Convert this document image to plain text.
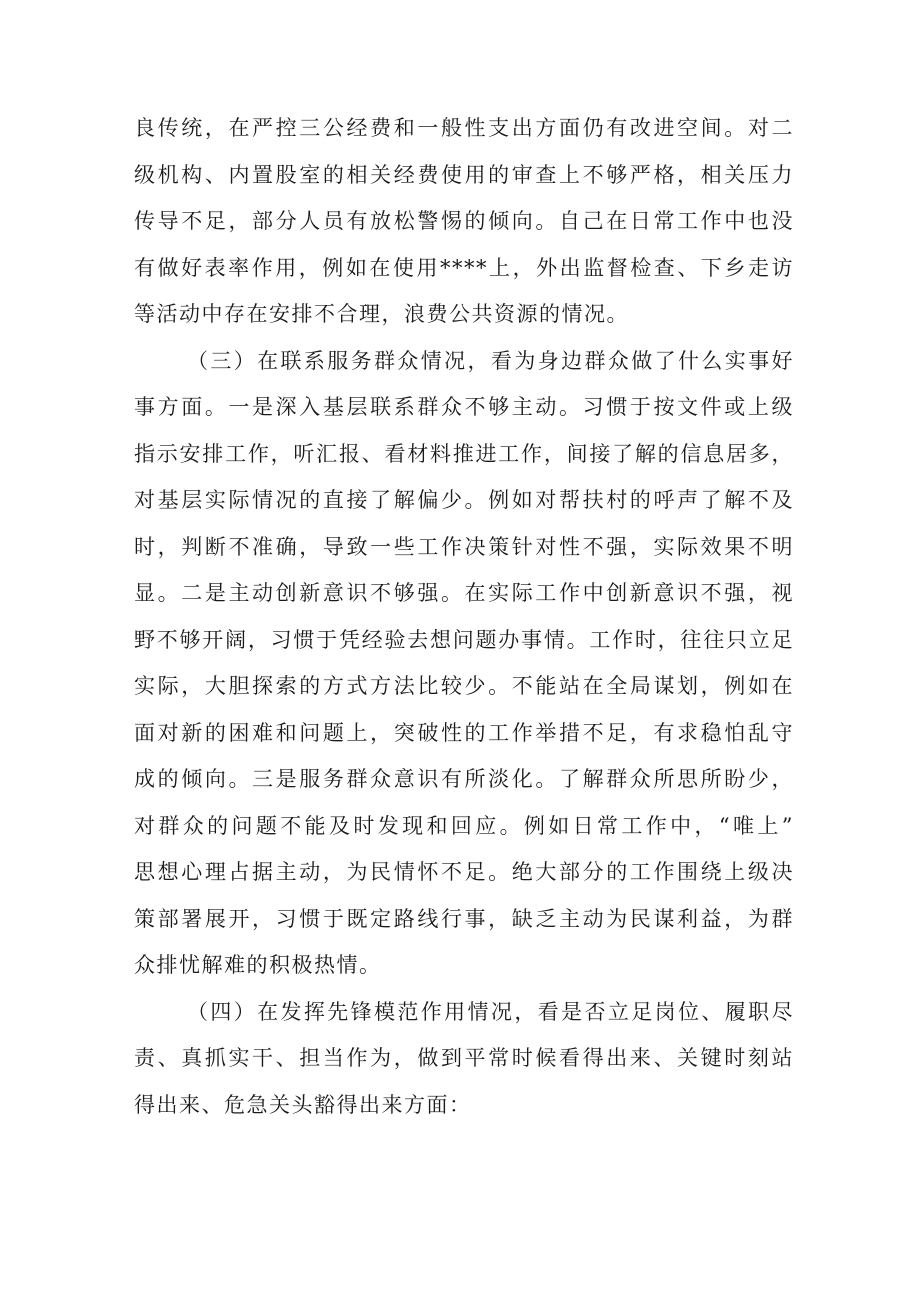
良传统，在严控三公经费和一般性支出方面仍有改进空间。对二
级机构、内置股室的相关经费使用的审查上不够严格，相关压力
传导不足，部分人员有放松警惕的倾向。自己在日常工作中也没
有做好表率作用，例如在使用****上，外出监督检查、下乡走访
等活动中存在安排不合理，浪费公共资源的情况。
（三）在联系服务群众情况，看为身边群众做了什么实事好
事方面。一是深入基层联系群众不够主动。习惯于按文件或上级
指示安排工作，听汇报、看材料推进工作，间接了解的信息居多，
对基层实际情况的直接了解偏少。例如对帮扶村的呼声了解不及
时，判断不准确，导致一些工作决策针对性不强，实际效果不明
显。二是主动创新意识不够强。在实际工作中创新意识不强，视
野不够开阔，习惯于凭经验去想问题办事情。工作时，往往只立足
实际，大胆探索的方式方法比较少。不能站在全局谋划，例如在
面对新的困难和问题上，突破性的工作举措不足，有求稳怕乱守
成的倾向。三是服务群众意识有所淡化。了解群众所思所盼少，
对群众的问题不能及时发现和回应。例如日常工作中，“唯上”
思想心理占据主动，为民情怀不足。绝大部分的工作围绕上级决
策部署展开，习惯于既定路线行事，缺乏主动为民谋利益，为群
众排忧解难的积极热情。
（四）在发挥先锋模范作用情况，看是否立足岗位、履职尽
责、真抓实干、担当作为，做到平常时候看得出来、关键时刻站
得出来、危急关头豁得出来方面：
